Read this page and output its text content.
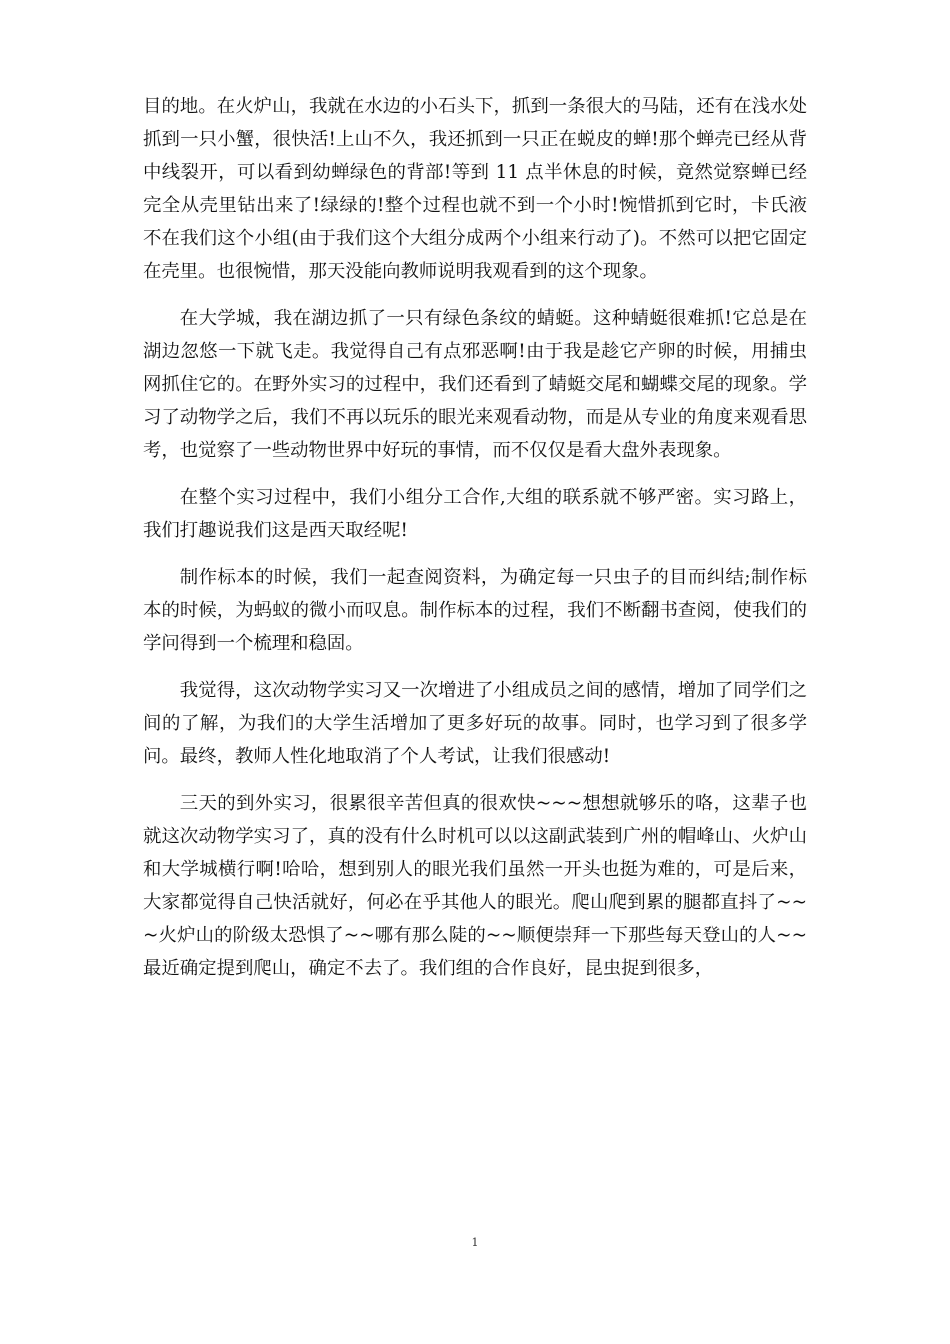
目的地。在火炉山，我就在水边的小石头下，抓到一条很大的马陆，还有在浅水处抓到一只小蟹，很快活!上山不久，我还抓到一只正在蜕皮的蝉!那个蝉壳已经从背中线裂开，可以看到幼蝉绿色的背部!等到 11 点半休息的时候，竟然觉察蝉已经完全从壳里钻出来了!绿绿的!整个过程也就不到一个小时!惋惜抓到它时，卡氏液不在我们这个小组(由于我们这个大组分成两个小组来行动了)。不然可以把它固定在壳里。也很惋惜，那天没能向教师说明我观看到的这个现象。

在大学城，我在湖边抓了一只有绿色条纹的蜻蜓。这种蜻蜓很难抓!它总是在湖边忽悠一下就飞走。我觉得自己有点邪恶啊!由于我是趁它产卵的时候，用捕虫网抓住它的。在野外实习的过程中，我们还看到了蜻蜓交尾和蝴蝶交尾的现象。学习了动物学之后，我们不再以玩乐的眼光来观看动物，而是从专业的角度来观看思考，也觉察了一些动物世界中好玩的事情，而不仅仅是看大盘外表现象。

在整个实习过程中，我们小组分工合作,大组的联系就不够严密。实习路上，我们打趣说我们这是西天取经呢!

制作标本的时候，我们一起查阅资料，为确定每一只虫子的目而纠结;制作标本的时候，为蚂蚁的微小而叹息。制作标本的过程，我们不断翻书查阅，使我们的学问得到一个梳理和稳固。

我觉得，这次动物学实习又一次增进了小组成员之间的感情，增加了同学们之间的了解，为我们的大学生活增加了更多好玩的故事。同时，也学习到了很多学问。最终，教师人性化地取消了个人考试，让我们很感动!

三天的到外实习，很累很辛苦但真的很欢快~~~想想就够乐的咯，这辈子也就这次动物学实习了，真的没有什么时机可以以这副武装到广州的帽峰山、火炉山和大学城横行啊!哈哈，想到别人的眼光我们虽然一开头也挺为难的，可是后来，大家都觉得自己快活就好，何必在乎其他人的眼光。爬山爬到累的腿都直抖了~~~火炉山的阶级太恐惧了~~哪有那么陡的~~顺便崇拜一下那些每天登山的人~~最近确定提到爬山，确定不去了。我们组的合作良好，昆虫捉到很多，

1
